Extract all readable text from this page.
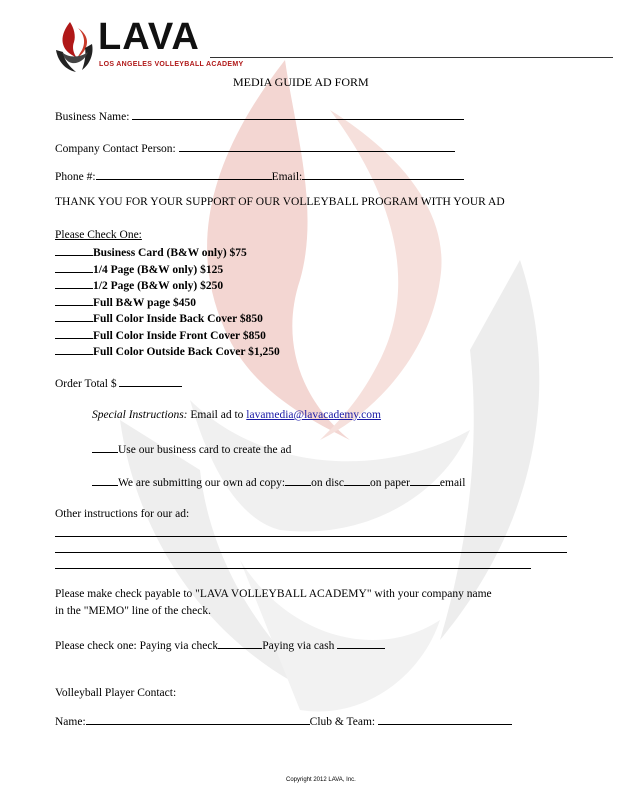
LAVA
LOS ANGELES VOLLEYBALL ACADEMY
MEDIA GUIDE AD FORM
Business Name:
Company Contact Person:
Phone #:	Email:
THANK YOU FOR YOUR SUPPORT OF OUR VOLLEYBALL PROGRAM WITH YOUR AD
Please Check One:
Business Card (B&W only) $75
1/4 Page (B&W only) $125
1/2 Page (B&W only) $250
Full B&W page $450
Full Color Inside Back Cover $850
Full Color Inside Front Cover $850
Full Color Outside Back Cover $1,250
Order Total $
Special Instructions: Email ad to lavamedia@lavacademy.com
Use our business card to create the ad
We are submitting our own ad copy: on disc on paper	email
Other instructions for our ad:
Please make check payable to "LAVA VOLLEYBALL ACADEMY" with your company name
in the "MEMO" line of the check.
Please check one: Paying via check	Paying via cash
Volleyball Player Contact:
Name:	Club & Team:
Copyright 2012 LAVA, Inc.
